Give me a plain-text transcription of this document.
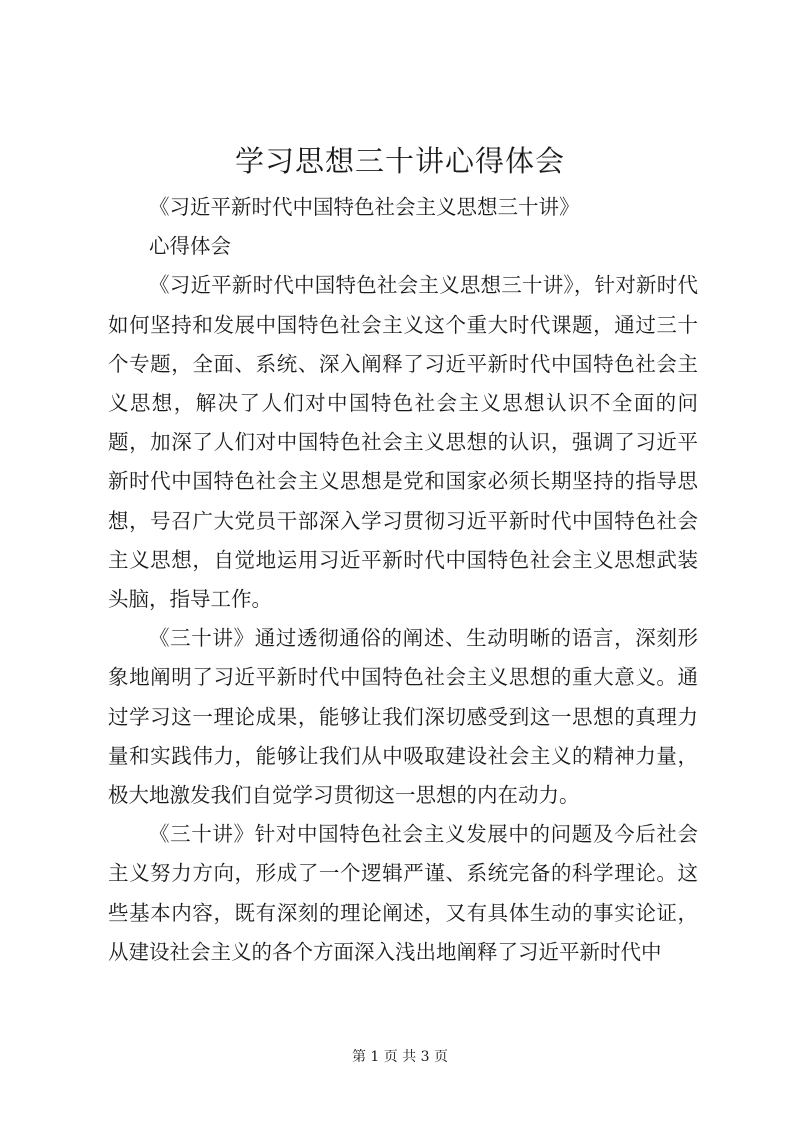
学习思想三十讲心得体会

《习近平新时代中国特色社会主义思想三十讲》

心得体会

《习近平新时代中国特色社会主义思想三十讲》，针对新时代如何坚持和发展中国特色社会主义这个重大时代课题，通过三十个专题，全面、系统、深入阐释了习近平新时代中国特色社会主义思想，解决了人们对中国特色社会主义思想认识不全面的问题，加深了人们对中国特色社会主义思想的认识，强调了习近平新时代中国特色社会主义思想是党和国家必须长期坚持的指导思想，号召广大党员干部深入学习贯彻习近平新时代中国特色社会主义思想，自觉地运用习近平新时代中国特色社会主义思想武装头脑，指导工作。

《三十讲》通过透彻通俗的阐述、生动明晰的语言，深刻形象地阐明了习近平新时代中国特色社会主义思想的重大意义。通过学习这一理论成果，能够让我们深切感受到这一思想的真理力量和实践伟力，能够让我们从中吸取建设社会主义的精神力量，极大地激发我们自觉学习贯彻这一思想的内在动力。

《三十讲》针对中国特色社会主义发展中的问题及今后社会主义努力方向，形成了一个逻辑严谨、系统完备的科学理论。这些基本内容，既有深刻的理论阐述，又有具体生动的事实论证，从建设社会主义的各个方面深入浅出地阐释了习近平新时代中

第 1 页 共 3 页
